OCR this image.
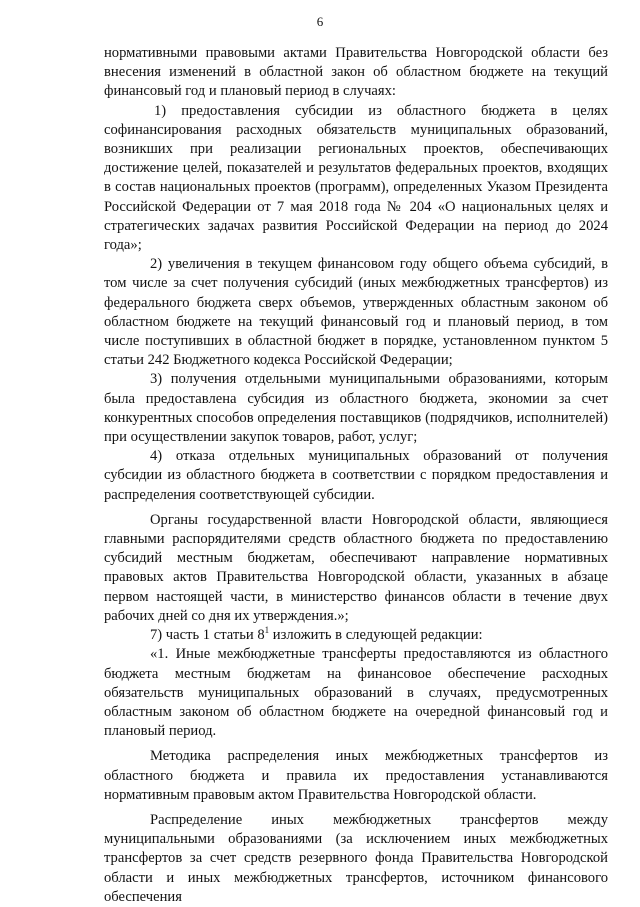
6

нормативными правовыми актами Правительства Новгородской области без внесения изменений в областной закон об областном бюджете на текущий финансовый год и плановый период в случаях:

1) предоставления субсидии из областного бюджета в целях софинансирования расходных обязательств муниципальных образований, возникших при реализации региональных проектов, обеспечивающих достижение целей, показателей и результатов федеральных проектов, входящих в состав национальных проектов (программ), определенных Указом Президента Российской Федерации от 7 мая 2018 года № 204 «О национальных целях и стратегических задачах развития Российской Федерации на период до 2024 года»;

2) увеличения в текущем финансовом году общего объема субсидий, в том числе за счет получения субсидий (иных межбюджетных трансфертов) из федерального бюджета сверх объемов, утвержденных областным законом об областном бюджете на текущий финансовый год и плановый период, в том числе поступивших в областной бюджет в порядке, установленном пунктом 5 статьи 242 Бюджетного кодекса Российской Федерации;

3) получения отдельными муниципальными образованиями, которым была предоставлена субсидия из областного бюджета, экономии за счет конкурентных способов определения поставщиков (подрядчиков, исполнителей) при осуществлении закупок товаров, работ, услуг;

4) отказа отдельных муниципальных образований от получения субсидии из областного бюджета в соответствии с порядком предоставления и распределения соответствующей субсидии.

Органы государственной власти Новгородской области, являющиеся главными распорядителями средств областного бюджета по предоставлению субсидий местным бюджетам, обеспечивают направление нормативных правовых актов Правительства Новгородской области, указанных в абзаце первом настоящей части, в министерство финансов области в течение двух рабочих дней со дня их утверждения.»;

7) часть 1 статьи $8^1$ изложить в следующей редакции:

«1. Иные межбюджетные трансферты предоставляются из областного бюджета местным бюджетам на финансовое обеспечение расходных обязательств муниципальных образований в случаях, предусмотренных областным законом об областном бюджете на очередной финансовый год и плановый период.

Методика распределения иных межбюджетных трансфертов из областного бюджета и правила их предоставления устанавливаются нормативным правовым актом Правительства Новгородской области.

Распределение иных межбюджетных трансфертов между муниципальными образованиями (за исключением иных межбюджетных трансфертов за счет средств резервного фонда Правительства Новгородской области и иных межбюджетных трансфертов, источником финансового обеспечения
